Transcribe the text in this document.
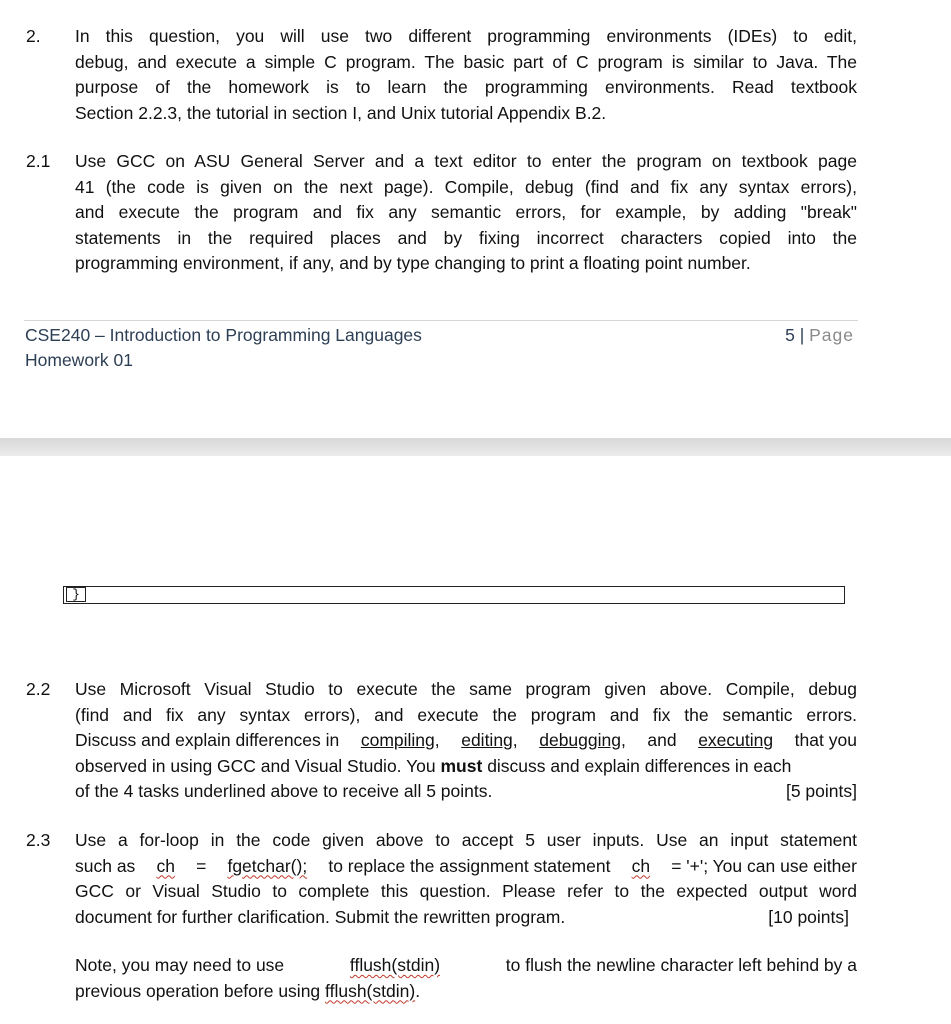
2. In this question, you will use two different programming environments (IDEs) to edit,
debug, and execute a simple C program. The basic part of C program is similar to Java. The
purpose of the homework is to learn the programming environments. Read textbook
Section 2.2.3, the tutorial in section I, and Unix tutorial Appendix B.2.
2.1 Use GCC on ASU General Server and a text editor to enter the program on textbook page
41 (the code is given on the next page). Compile, debug (find and fix any syntax errors),
and execute the program and fix any semantic errors, for example, by adding "break"
statements in the required places and by fixing incorrect characters copied into the
programming environment, if any, and by type changing to print a floating point number.
CSE240 – Introduction to Programming Languages
Homework 01
5 | Page
}
2.2 Use Microsoft Visual Studio to execute the same program given above. Compile, debug
(find and fix any syntax errors), and execute the program and fix the semantic errors.
Discuss and explain differences in compiling, editing, debugging, and executing that you
observed in using GCC and Visual Studio. You must discuss and explain differences in each
of the 4 tasks underlined above to receive all 5 points.	[5 points]
2.3 Use a for-loop in the code given above to accept 5 user inputs. Use an input statement
such as ch = fgetchar(); to replace the assignment statement ch = '+'; You can use either
GCC or Visual Studio to complete this question. Please refer to the expected output word
document for further clarification. Submit the rewritten program.	[10 points]
Note, you may need to use	fflush(stdin)	to flush the newline character left behind by a
previous operation before using fflush(stdin).
